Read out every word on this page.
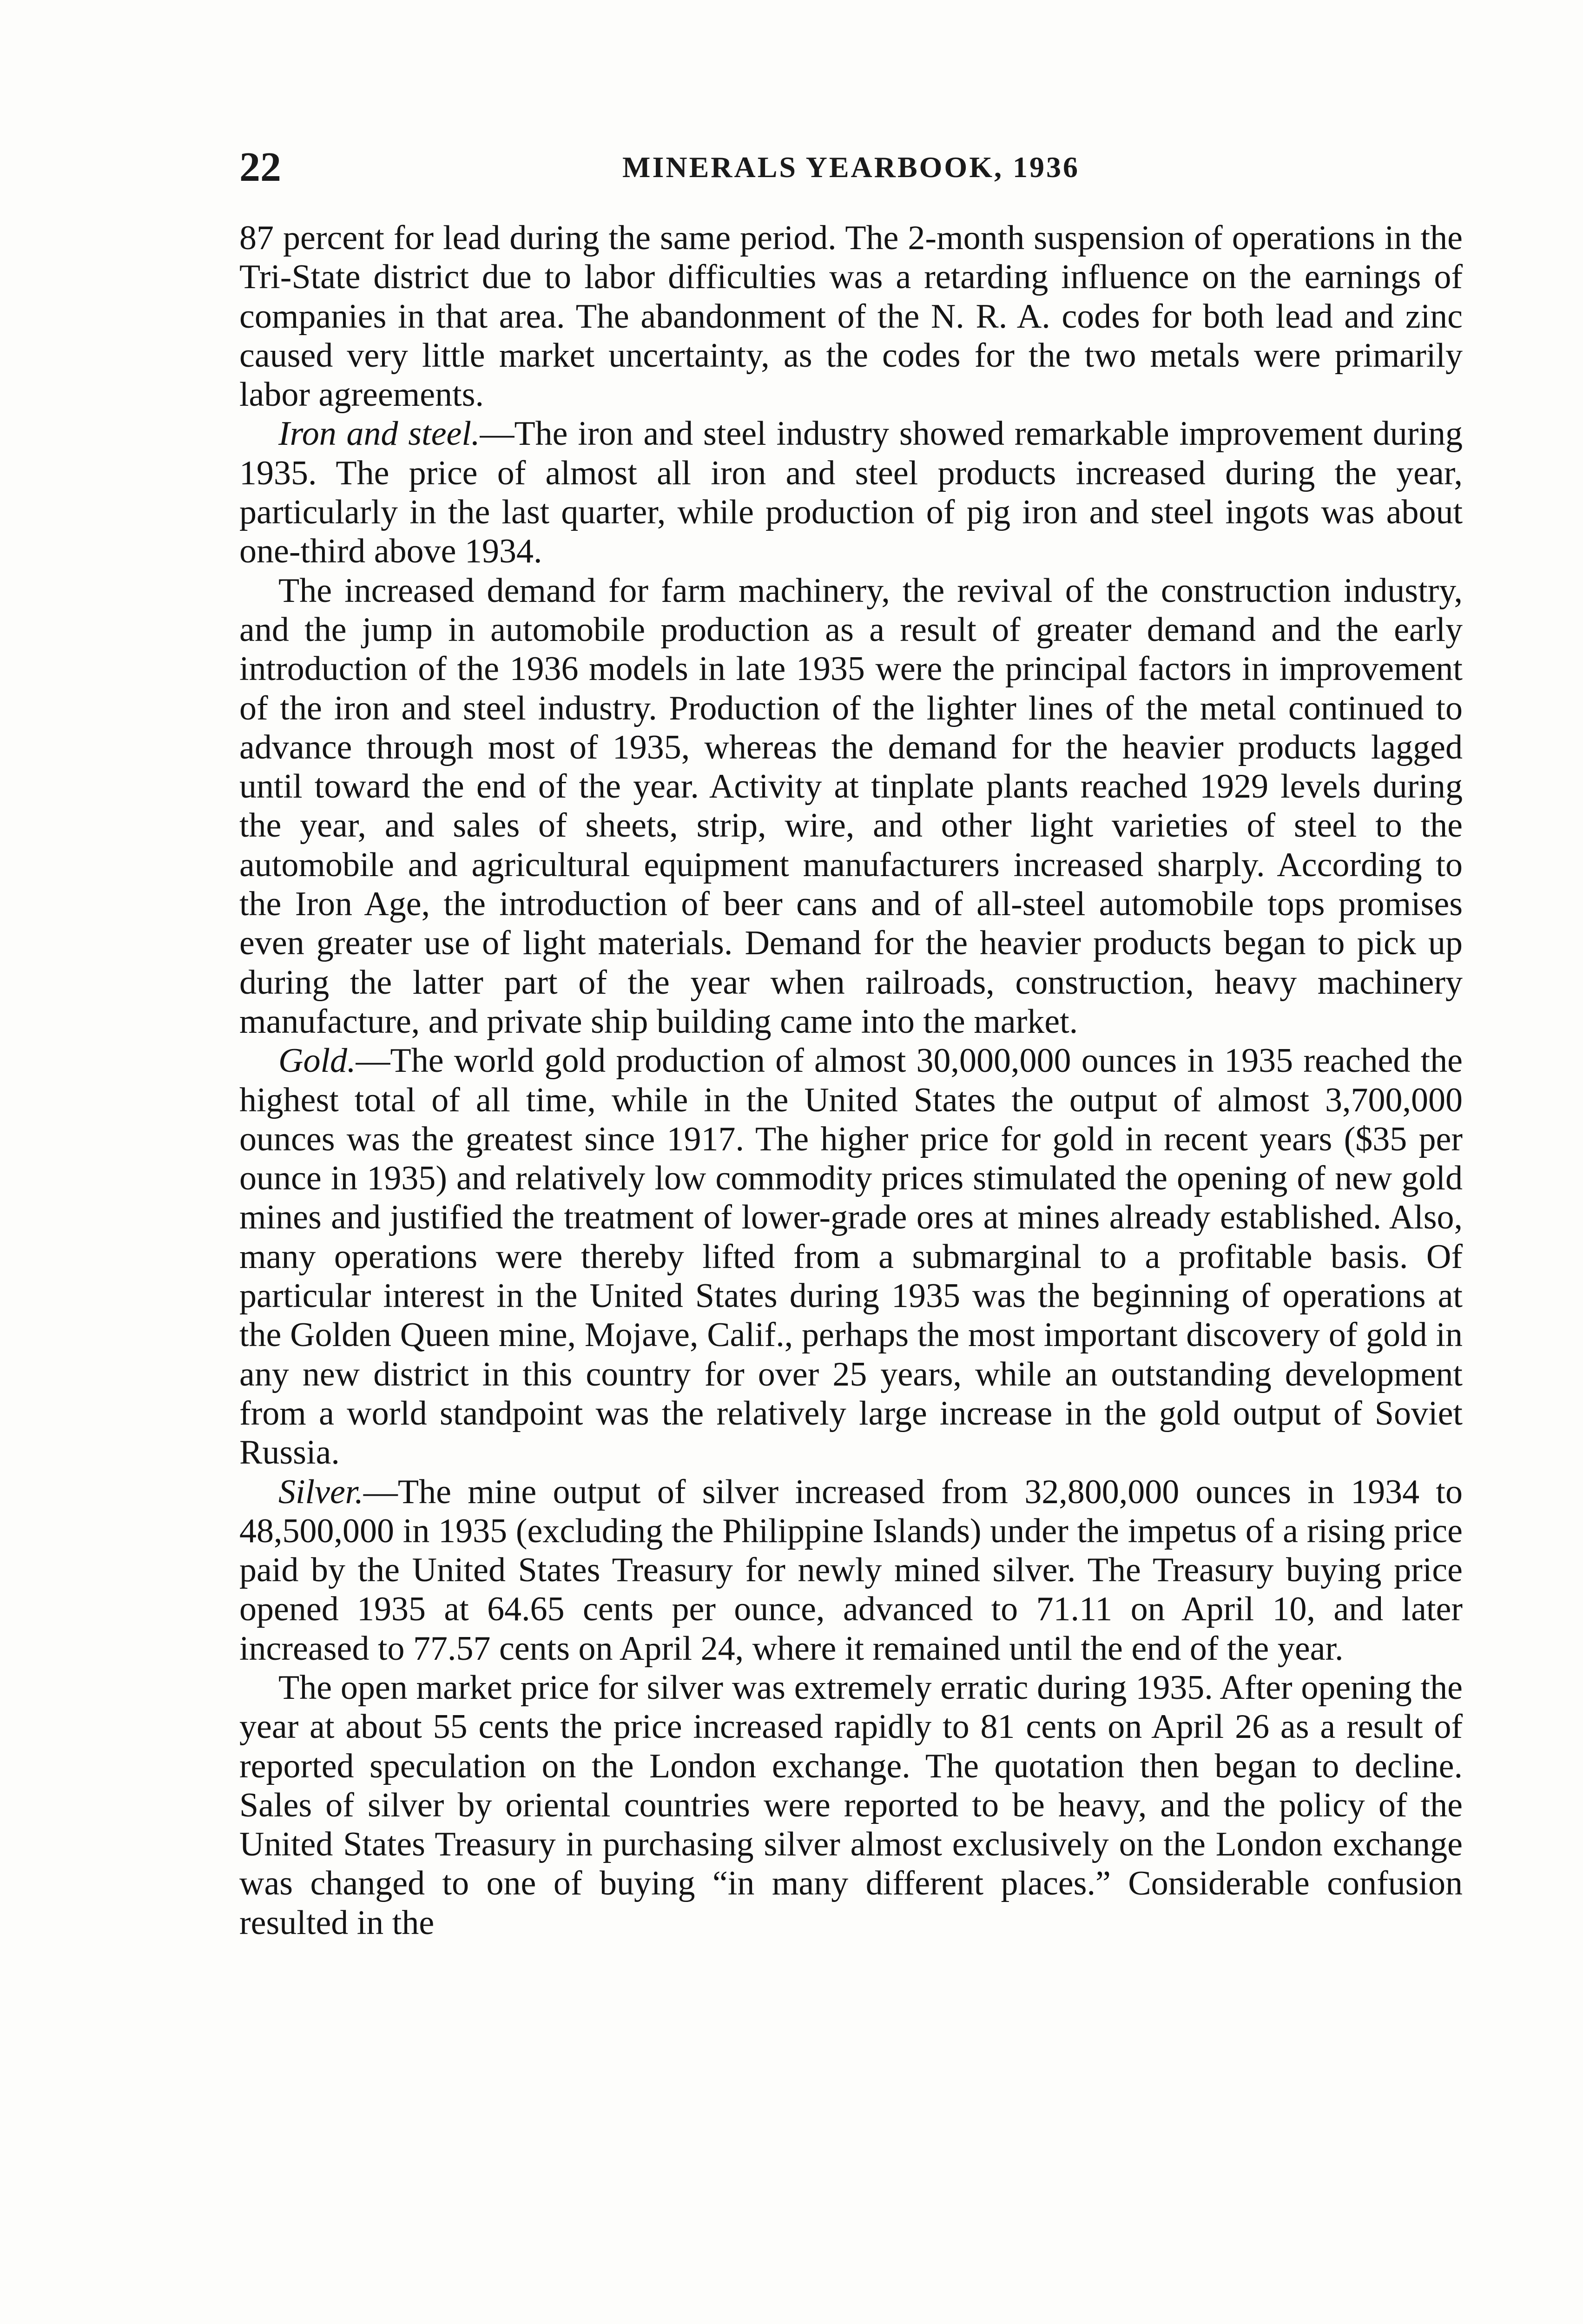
22	MINERALS YEARBOOK, 1936

87 percent for lead during the same period. The 2-month suspension of operations in the Tri-State district due to labor difficulties was a retarding influence on the earnings of companies in that area. The abandonment of the N. R. A. codes for both lead and zinc caused very little market uncertainty, as the codes for the two metals were primarily labor agreements.

Iron and steel.—The iron and steel industry showed remarkable improvement during 1935. The price of almost all iron and steel products increased during the year, particularly in the last quarter, while production of pig iron and steel ingots was about one-third above 1934.

The increased demand for farm machinery, the revival of the construction industry, and the jump in automobile production as a result of greater demand and the early introduction of the 1936 models in late 1935 were the principal factors in improvement of the iron and steel industry. Production of the lighter lines of the metal continued to advance through most of 1935, whereas the demand for the heavier products lagged until toward the end of the year. Activity at tinplate plants reached 1929 levels during the year, and sales of sheets, strip, wire, and other light varieties of steel to the automobile and agricultural equipment manufacturers increased sharply. According to the Iron Age, the introduction of beer cans and of all-steel automobile tops promises even greater use of light materials. Demand for the heavier products began to pick up during the latter part of the year when railroads, construction, heavy machinery manufacture, and private ship building came into the market.

Gold.—The world gold production of almost 30,000,000 ounces in 1935 reached the highest total of all time, while in the United States the output of almost 3,700,000 ounces was the greatest since 1917. The higher price for gold in recent years ($35 per ounce in 1935) and relatively low commodity prices stimulated the opening of new gold mines and justified the treatment of lower-grade ores at mines already established. Also, many operations were thereby lifted from a submarginal to a profitable basis. Of particular interest in the United States during 1935 was the beginning of operations at the Golden Queen mine, Mojave, Calif., perhaps the most important discovery of gold in any new district in this country for over 25 years, while an outstanding development from a world standpoint was the relatively large increase in the gold output of Soviet Russia.

Silver.—The mine output of silver increased from 32,800,000 ounces in 1934 to 48,500,000 in 1935 (excluding the Philippine Islands) under the impetus of a rising price paid by the United States Treasury for newly mined silver. The Treasury buying price opened 1935 at 64.65 cents per ounce, advanced to 71.11 on April 10, and later increased to 77.57 cents on April 24, where it remained until the end of the year.

The open market price for silver was extremely erratic during 1935. After opening the year at about 55 cents the price increased rapidly to 81 cents on April 26 as a result of reported speculation on the London exchange. The quotation then began to decline. Sales of silver by oriental countries were reported to be heavy, and the policy of the United States Treasury in purchasing silver almost exclusively on the London exchange was changed to one of buying “in many different places.” Considerable confusion resulted in the
